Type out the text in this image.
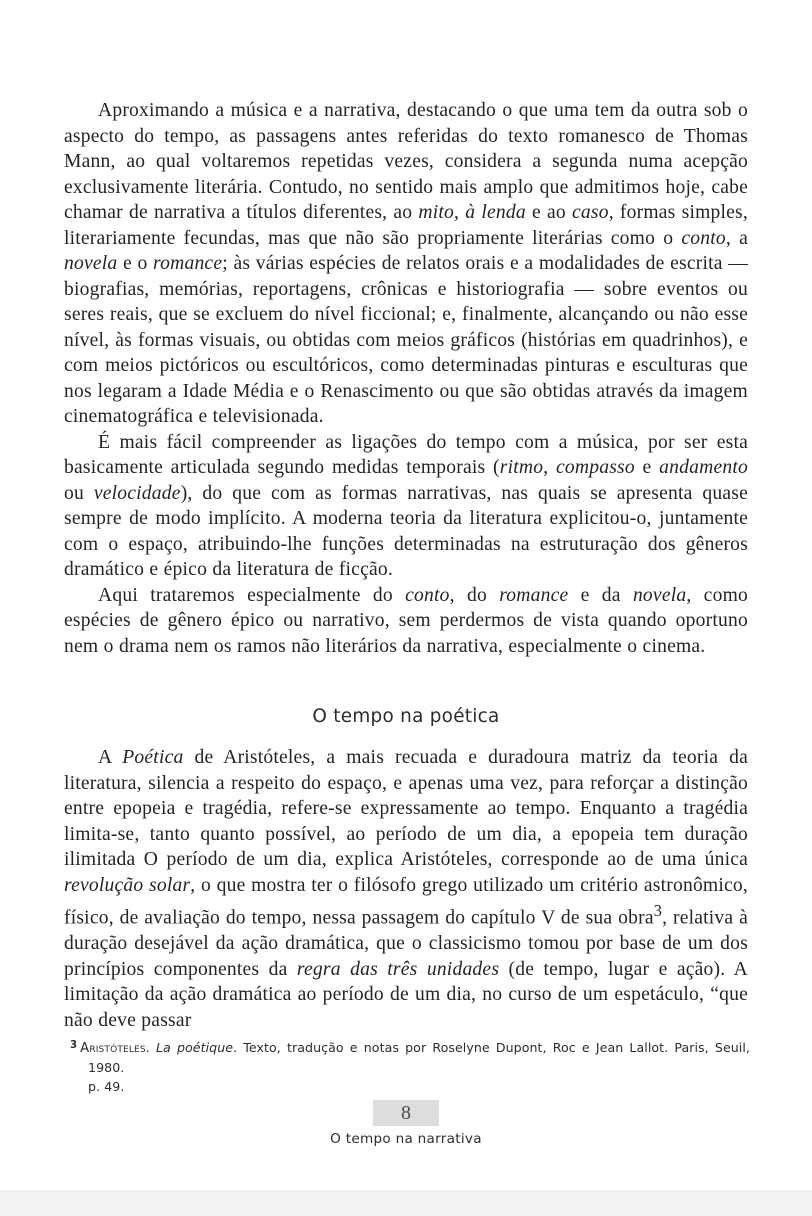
Aproximando a música e a narrativa, destacando o que uma tem da outra sob o aspecto do tempo, as passagens antes referidas do texto romanesco de Thomas Mann, ao qual voltaremos repetidas vezes, considera a segunda numa acepção exclusivamente literária. Contudo, no sentido mais amplo que admitimos hoje, cabe chamar de narrativa a títulos diferentes, ao mito, à lenda e ao caso, formas simples, literariamente fecundas, mas que não são propriamente literárias como o conto, a novela e o romance; às várias espécies de relatos orais e a modalidades de escrita — biografias, memórias, reportagens, crônicas e historiografia — sobre eventos ou seres reais, que se excluem do nível ficcional; e, finalmente, alcançando ou não esse nível, às formas visuais, ou obtidas com meios gráficos (histórias em quadrinhos), e com meios pictóricos ou escultóricos, como determinadas pinturas e esculturas que nos legaram a Idade Média e o Renascimento ou que são obtidas através da imagem cinematográfica e televisionada.

É mais fácil compreender as ligações do tempo com a música, por ser esta basicamente articulada segundo medidas temporais (ritmo, compasso e andamento ou velocidade), do que com as formas narrativas, nas quais se apresenta quase sempre de modo implícito. A moderna teoria da literatura explicitou-o, juntamente com o espaço, atribuindo-lhe funções determinadas na estruturação dos gêneros dramático e épico da literatura de ficção.

Aqui trataremos especialmente do conto, do romance e da novela, como espécies de gênero épico ou narrativo, sem perdermos de vista quando oportuno nem o drama nem os ramos não literários da narrativa, especialmente o cinema.

O tempo na poética

A Poética de Aristóteles, a mais recuada e duradoura matriz da teoria da literatura, silencia a respeito do espaço, e apenas uma vez, para reforçar a distinção entre epopeia e tragédia, refere-se expressamente ao tempo. Enquanto a tragédia limita-se, tanto quanto possível, ao período de um dia, a epopeia tem duração ilimitada O período de um dia, explica Aristóteles, corresponde ao de uma única revolução solar, o que mostra ter o filósofo grego utilizado um critério astronômico, físico, de avaliação do tempo, nessa passagem do capítulo V de sua obra$^3$, relativa à duração desejável da ação dramática, que o classicismo tomou por base de um dos princípios componentes da regra das três unidades (de tempo, lugar e ação). A limitação da ação dramática ao período de um dia, no curso de um espetáculo, “que não deve passar

$^3$ Aristóteles. La poétique. Texto, tradução e notas por Roselyne Dupont, Roc e Jean Lallot. Paris, Seuil, 1980.
p. 49.
8
O tempo na narrativa
